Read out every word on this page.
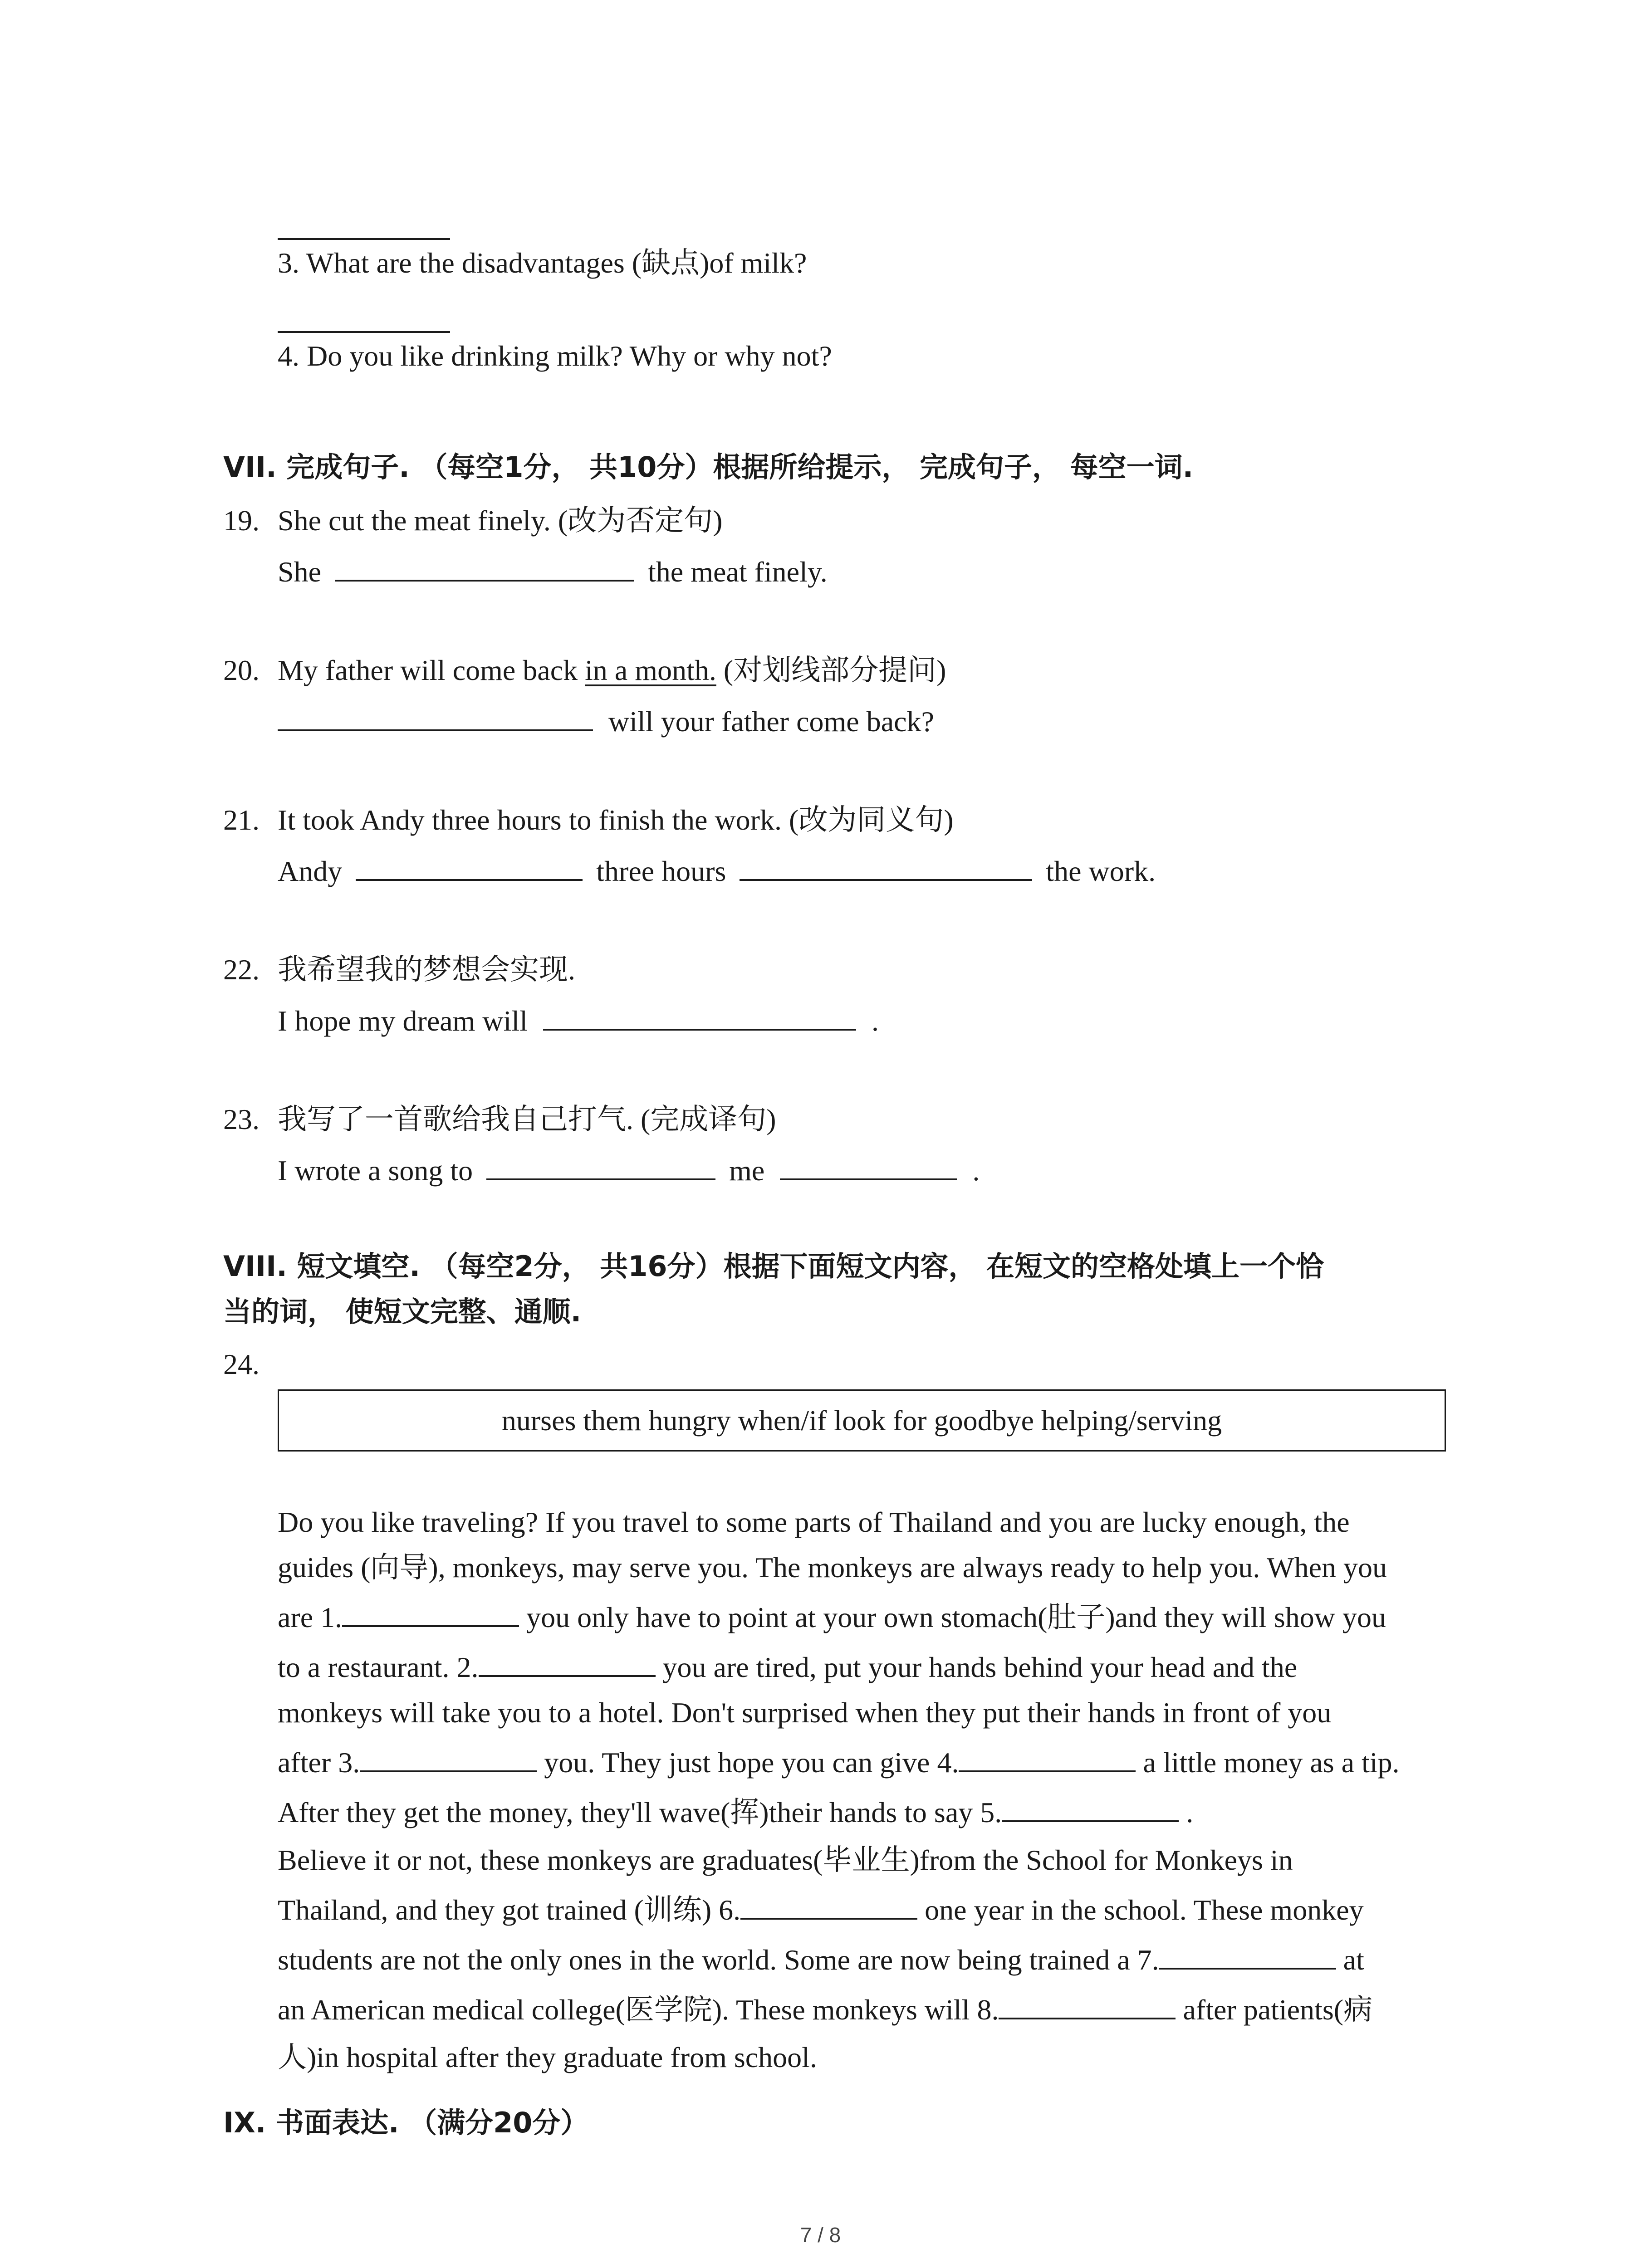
3. What are the disadvantages (缺点)of milk?
4. Do you like drinking milk? Why or why not?
VII. 完成句子. （每空1分， 共10分）根据所给提示， 完成句子， 每空一词.
19. She cut the meat finely. (改为否定句)
She	the meat finely.
20. My father will come back in a month. (对划线部分提问)
will your father come back?
21. It took Andy three hours to finish the work. (改为同义句)
Andy	three hours	the work.
22. 我希望我的梦想会实现.
I hope my dream will	.
23. 我写了一首歌给我自己打气. (完成译句)
I wrote a song to	me	.
VIII. 短文填空. （每空2分， 共16分）根据下面短文内容， 在短文的空格处填上一个恰
当的词， 使短文完整、通顺.
24.
nurses them hungry when/if look for goodbye helping/serving
Do you like traveling? If you travel to some parts of Thailand and you are lucky enough, the
guides (向导), monkeys, may serve you. The monkeys are always ready to help you. When you
are 1.	you only have to point at your own stomach(肚子)and they will show you
to a restaurant. 2.	you are tired, put your hands behind your head and the
monkeys will take you to a hotel. Don't surprised when they put their hands in front of you
after 3.	you. They just hope you can give 4.	a little money as a tip.
After they get the money, they'll wave(挥)their hands to say 5.	.
Believe it or not, these monkeys are graduates(毕业生)from the School for Monkeys in
Thailand, and they got trained (训练) 6.	one year in the school. These monkey
students are not the only ones in the world. Some are now being trained a 7.	at
an American medical college(医学院). These monkeys will 8.	after patients(病
人)in hospital after they graduate from school.
IX. 书面表达. （满分20分）
7 / 8
